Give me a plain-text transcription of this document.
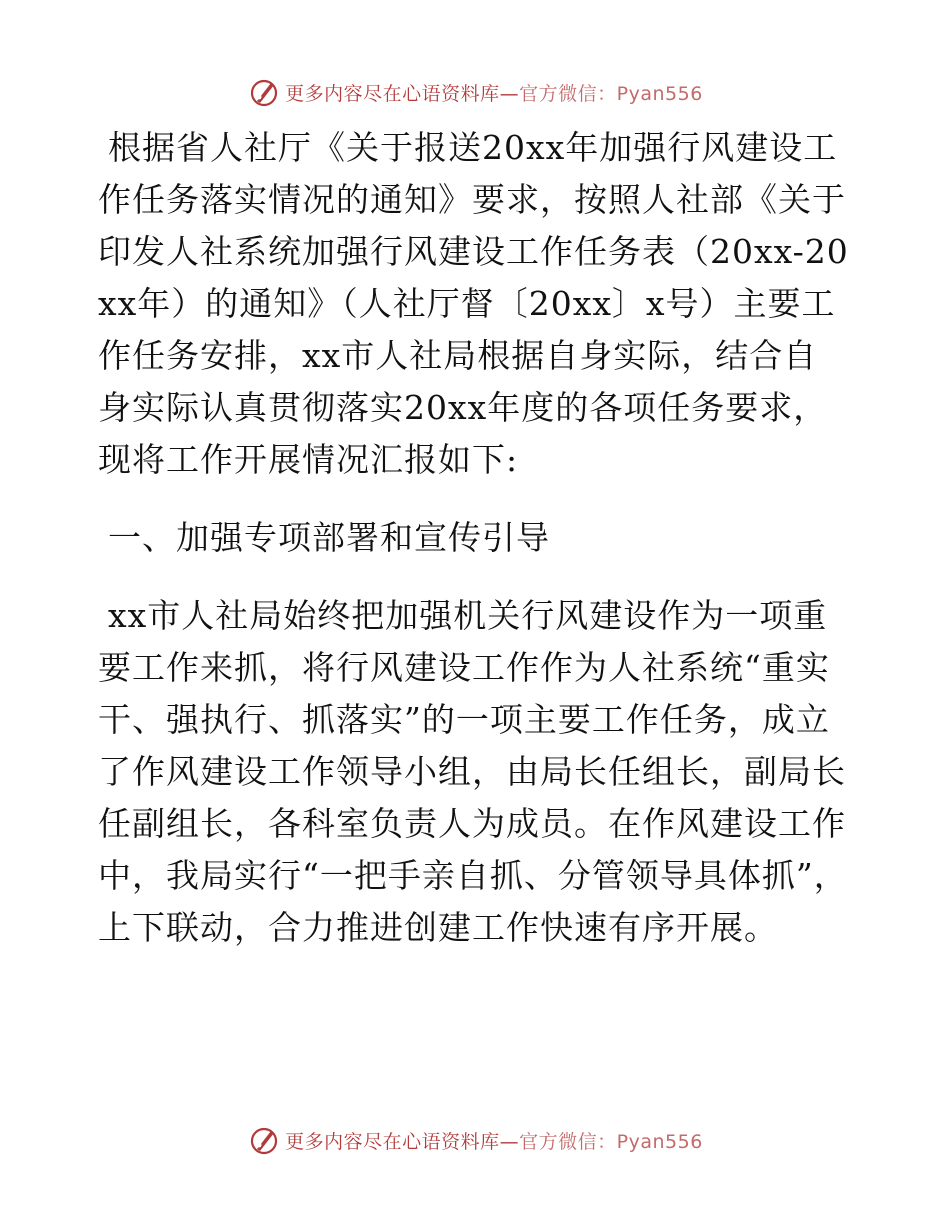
更多内容尽在心语资料库— 官方微信：Pyan556

根据省人社厅《关于报送20xx年加强行风建设工作任务落实情况的通知》要求，按照人社部《关于印发人社系统加强行风建设工作任务表（20xx-20xx年）的通知》（人社厅督〔20xx〕x号）主要工作任务安排，xx市人社局根据自身实际，结合自身实际认真贯彻落实20xx年度的各项任务要求，现将工作开展情况汇报如下:

一、加强专项部署和宣传引导

xx市人社局始终把加强机关行风建设作为一项重要工作来抓，将行风建设工作作为人社系统“重实干、强执行、抓落实”的一项主要工作任务，成立了作风建设工作领导小组，由局长任组长，副局长任副组长，各科室负责人为成员。在作风建设工作中，我局实行“一把手亲自抓、分管领导具体抓”，上下联动，合力推进创建工作快速有序开展。

更多内容尽在心语资料库— 官方微信：Pyan556
